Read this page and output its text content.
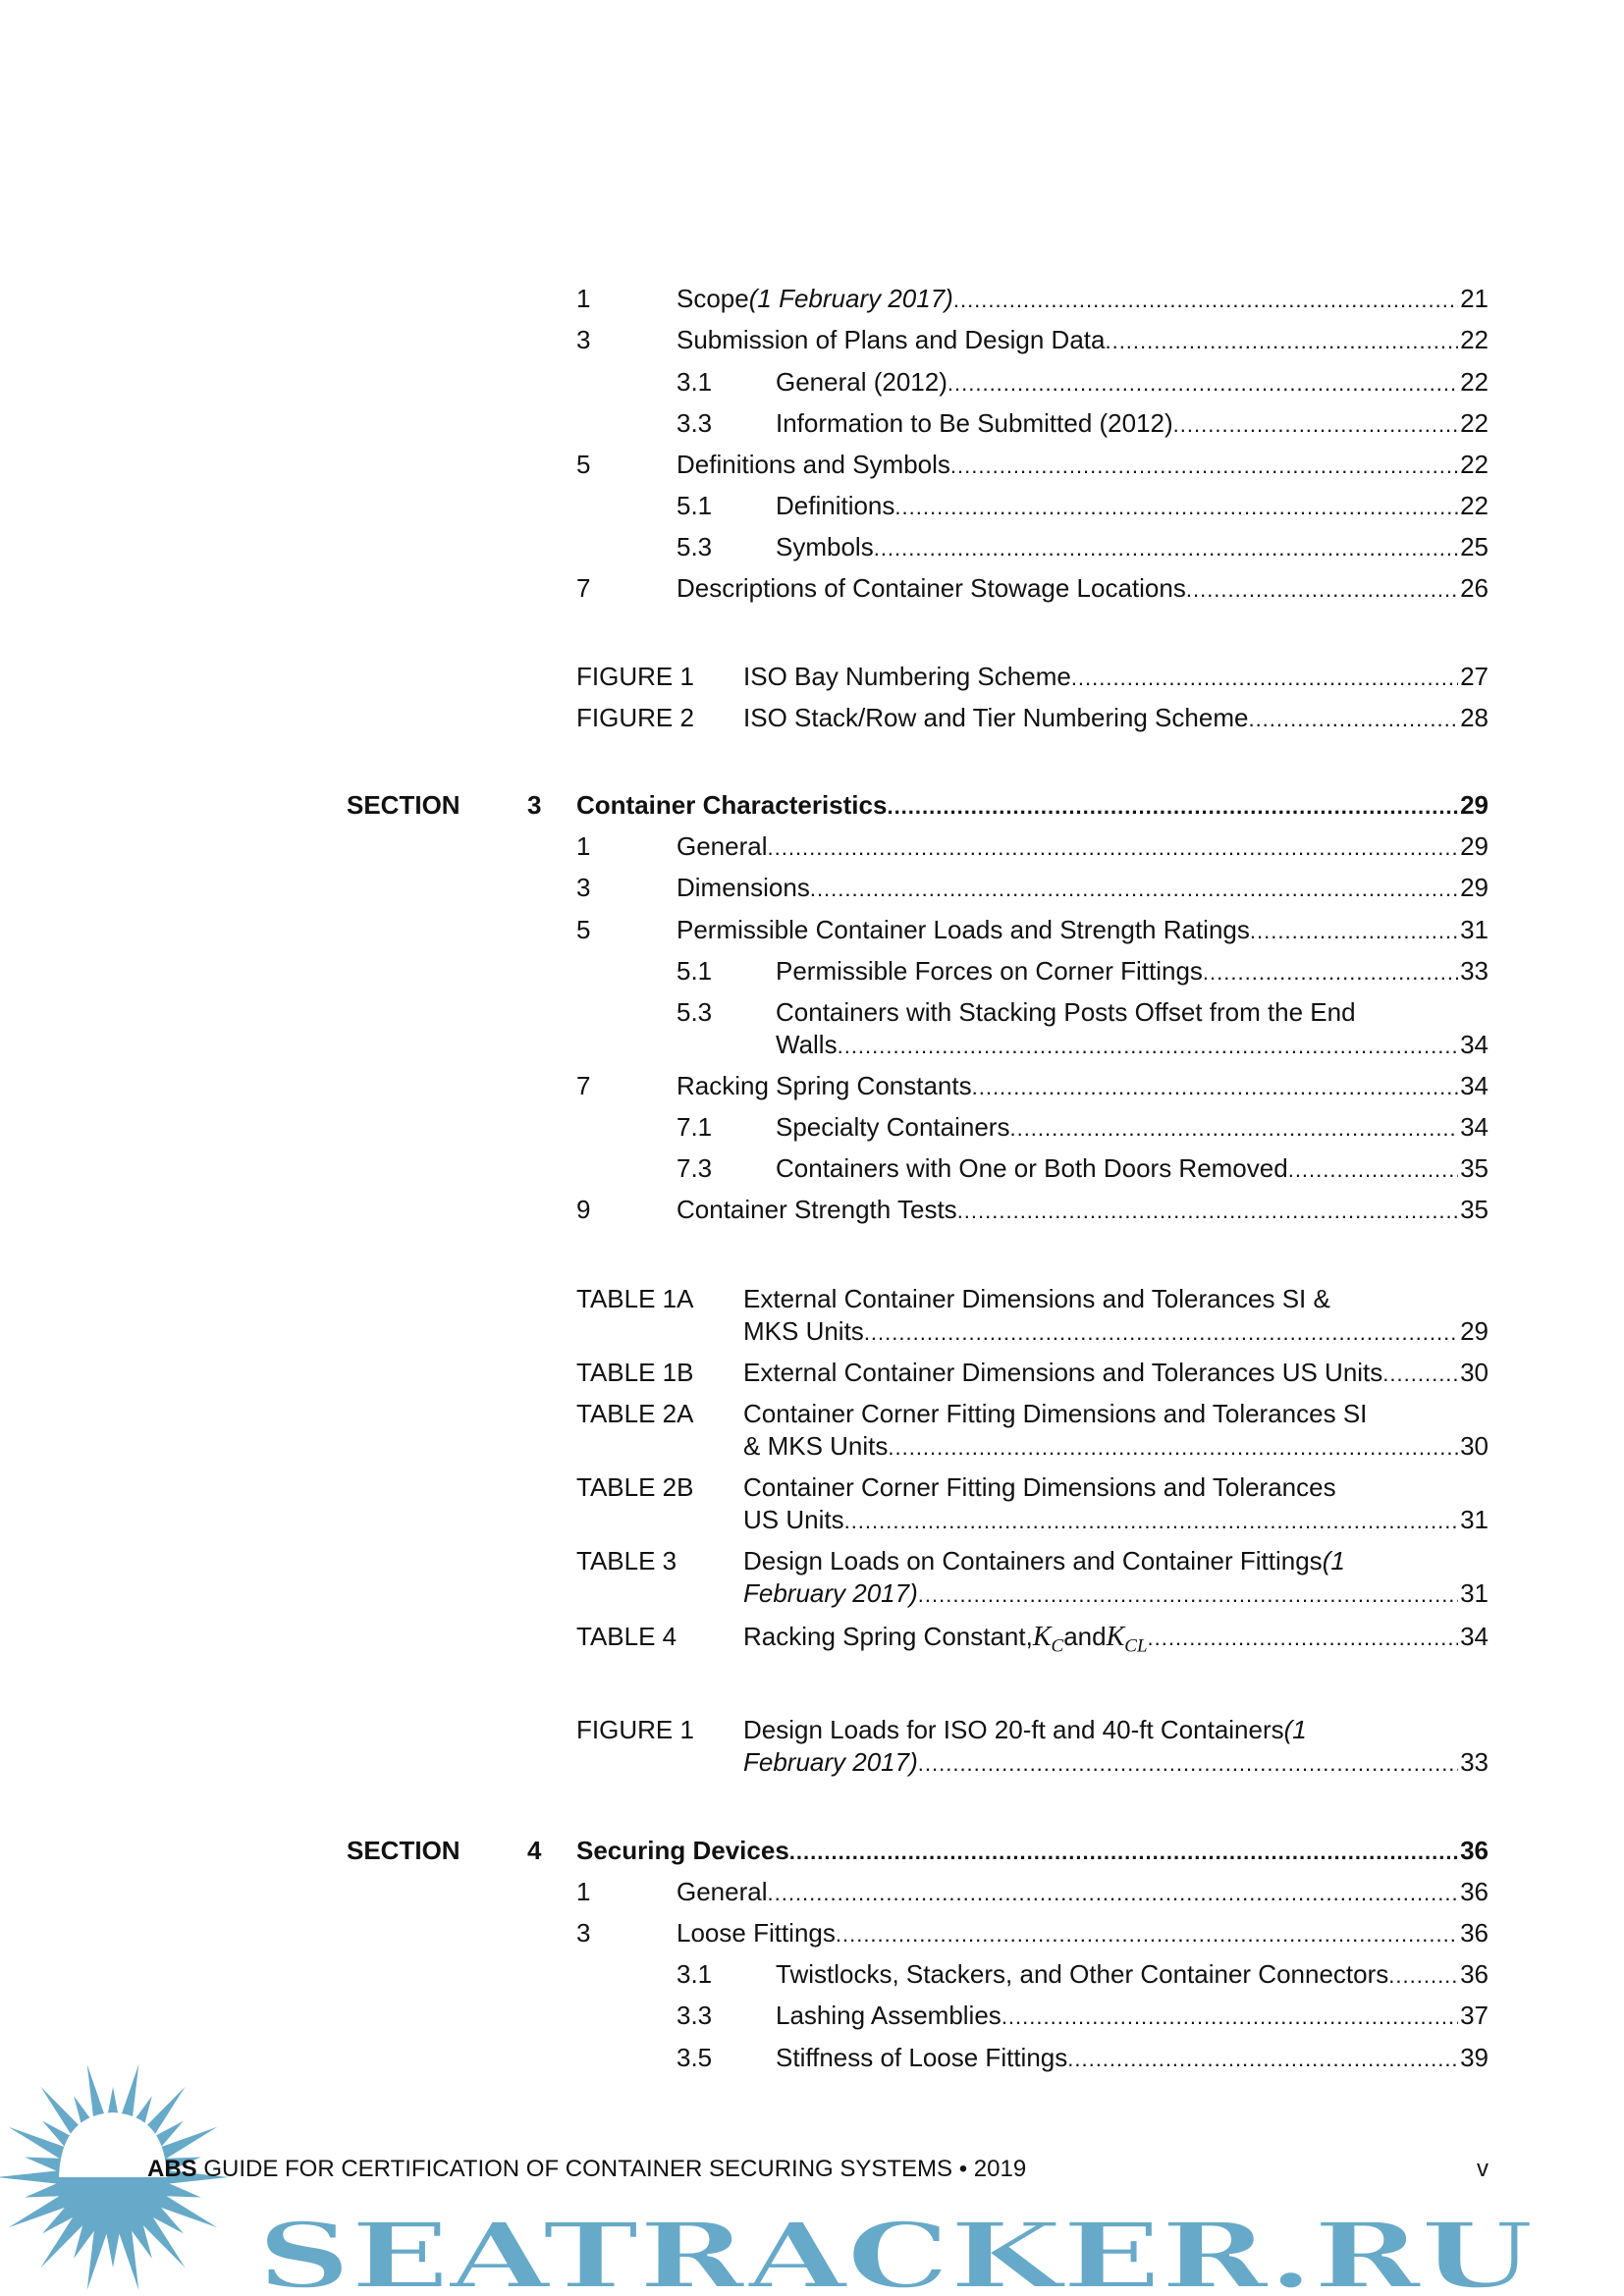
1	Scope (1 February 2017) .....	21
3	Submission of Plans and Design Data .....	22
3.1 General (2012) .....	22
3.3 Information to Be Submitted (2012) .....	22
5	Definitions and Symbols .....	22
5.1 Definitions .....	22
5.3 Symbols .....	25
7	Descriptions of Container Stowage Locations .....	26
FIGURE 1 ISO Bay Numbering Scheme .....	27
FIGURE 2 ISO Stack/Row and Tier Numbering Scheme .....	28
SECTION	3 Container Characteristics .....	29
1	General .....	29
3	Dimensions .....	29
5	Permissible Container Loads and Strength Ratings .....	31
5.1 Permissible Forces on Corner Fittings .....	33
5.3 Containers with Stacking Posts Offset from the End
Walls .....	34
7	Racking Spring Constants .....	34
7.1 Specialty Containers .....	34
7.3 Containers with One or Both Doors Removed .....	35
9	Container Strength Tests .....	35
TABLE 1A External Container Dimensions and Tolerances SI &
MKS Units .....	29
TABLE 1B External Container Dimensions and Tolerances US Units .....	30
TABLE 2A Container Corner Fitting Dimensions and Tolerances SI
& MKS Units .....	30
TABLE 2B Container Corner Fitting Dimensions and Tolerances
US Units .....	31
TABLE 3	Design Loads on Containers and Container Fittings (1
February 2017) .....	31
TABLE 4	Racking Spring Constant, $K_C$ and $K_{CL}$ .....	34
FIGURE 1 Design Loads for ISO 20-ft and 40-ft Containers (1
February 2017) .....	33
SECTION	4 Securing Devices .....	36
1	General .....	36
3	Loose Fittings .....	36
3.1 Twistlocks, Stackers, and Other Container Connectors .....	36
3.3 Lashing Assemblies .....	37
3.5 Stiffness of Loose Fittings .....	39
ABS GUIDE FOR CERTIFICATION OF CONTAINER SECURING SYSTEMS • 2019	v
SEATRACKER.RU
